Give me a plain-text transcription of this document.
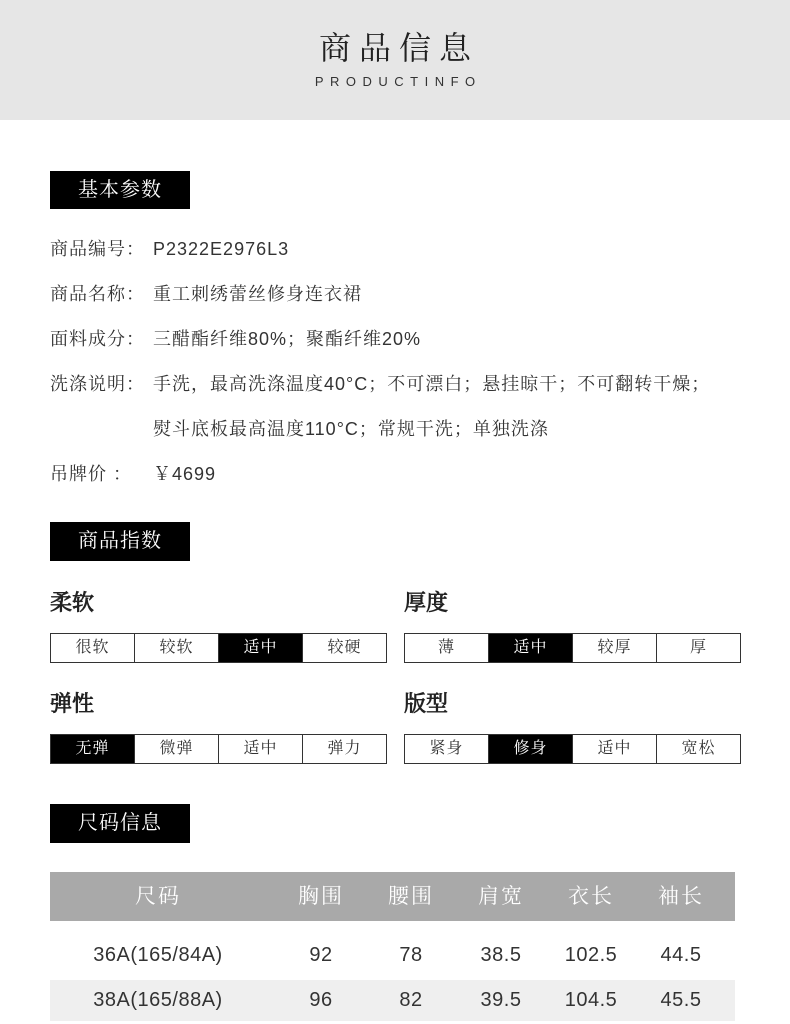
商品信息
PRODUCTINFO
基本参数
商品编号： P2322E2976L3
商品名称： 重工刺绣蕾丝修身连衣裙
面料成分： 三醋酯纤维80%；聚酯纤维20%
洗涤说明： 手洗，最高洗涤温度40°C；不可漂白；悬挂晾干；不可翻转干燥；
熨斗底板最高温度110°C；常规干洗；单独洗涤
吊牌价 ：	￥4699
商品指数
柔软
很软	较软	适中	较硬
厚度
薄	适中	较厚	厚
弹性
无弹	微弹	适中	弹力
版型
紧身	修身	适中	宽松
尺码信息
尺码	胸围	腰围	肩宽	衣长	袖长
36A(165/84A)	92	78	38.5	102.5	44.5
38A(165/88A)	96	82	39.5	104.5	45.5
